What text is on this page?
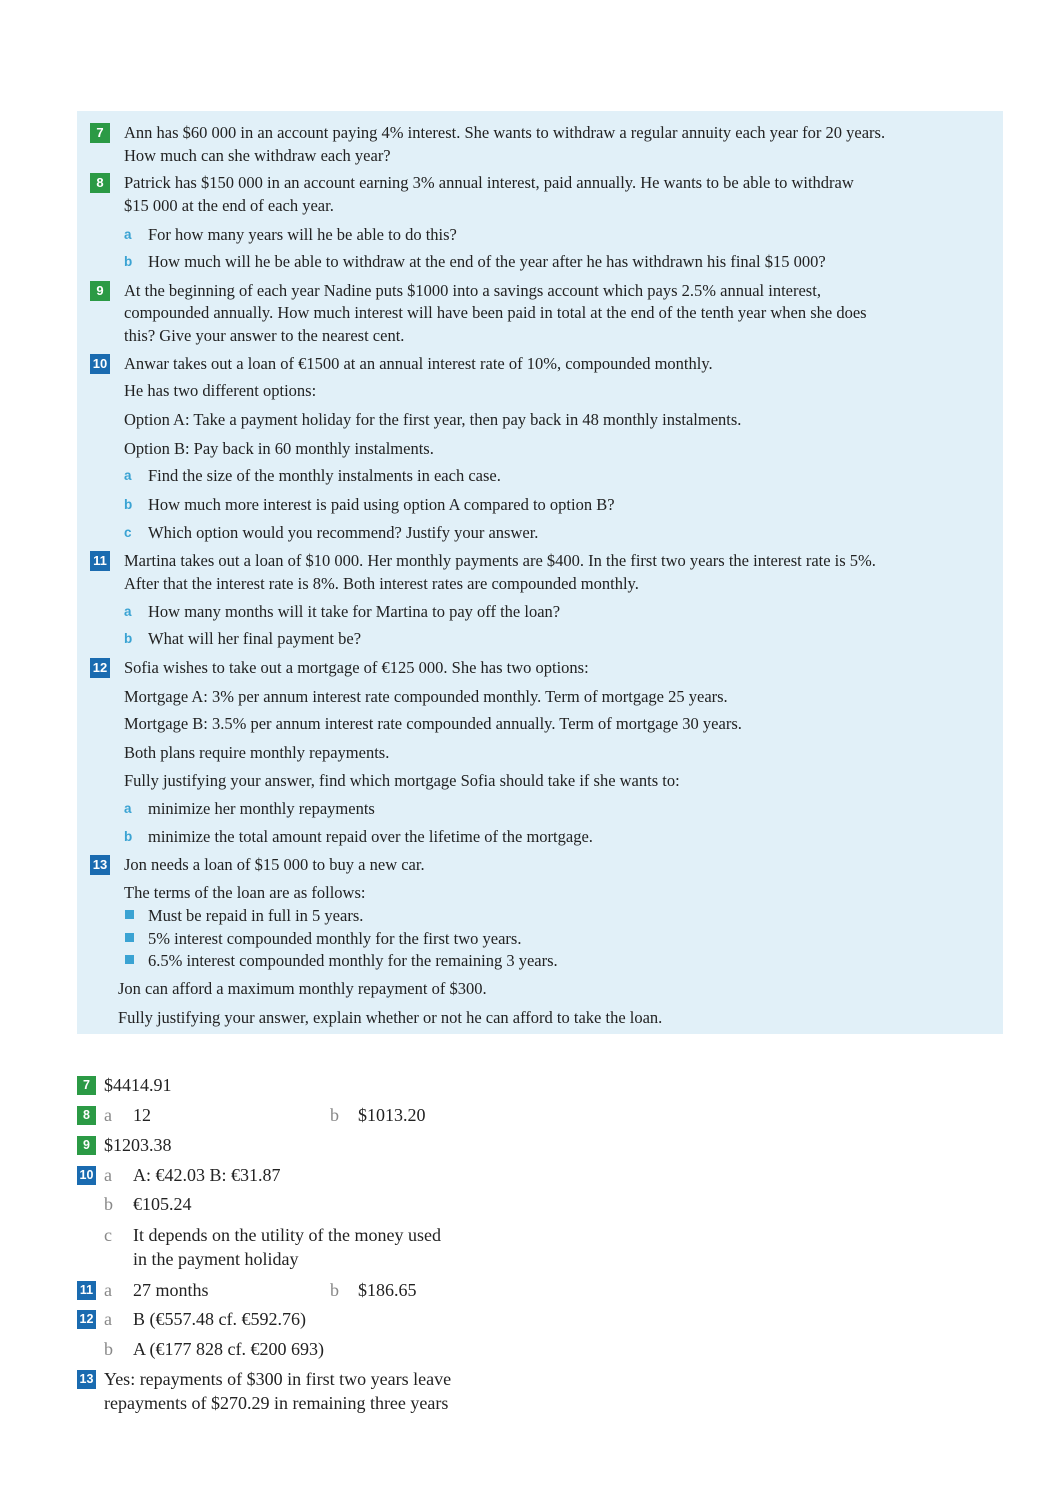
7	Ann has $60 000 in an account paying 4% interest. She wants to withdraw a regular annuity each year for 20 years.
How much can she withdraw each year?
8	Patrick has $150 000 in an account earning 3% annual interest, paid annually. He wants to be able to withdraw
$15 000 at the end of each year.
a For how many years will he be able to do this?
b How much will he be able to withdraw at the end of the year after he has withdrawn his final $15 000?
9	At the beginning of each year Nadine puts $1000 into a savings account which pays 2.5% annual interest,
compounded annually. How much interest will have been paid in total at the end of the tenth year when she does
this? Give your answer to the nearest cent.
10 Anwar takes out a loan of €1500 at an annual interest rate of 10%, compounded monthly.
He has two different options:
Option A: Take a payment holiday for the first year, then pay back in 48 monthly instalments.
Option B: Pay back in 60 monthly instalments.
a Find the size of the monthly instalments in each case.
b How much more interest is paid using option A compared to option B?
c Which option would you recommend? Justify your answer.
11 Martina takes out a loan of $10 000. Her monthly payments are $400. In the first two years the interest rate is 5%.
After that the interest rate is 8%. Both interest rates are compounded monthly.
a How many months will it take for Martina to pay off the loan?
b What will her final payment be?
12 Sofia wishes to take out a mortgage of €125 000. She has two options:
Mortgage A: 3% per annum interest rate compounded monthly. Term of mortgage 25 years.
Mortgage B: 3.5% per annum interest rate compounded annually. Term of mortgage 30 years.
Both plans require monthly repayments.
Fully justifying your answer, find which mortgage Sofia should take if she wants to:
a minimize her monthly repayments
b minimize the total amount repaid over the lifetime of the mortgage.
13 Jon needs a loan of $15 000 to buy a new car.
The terms of the loan are as follows:
Must be repaid in full in 5 years.
5% interest compounded monthly for the first two years.
6.5% interest compounded monthly for the remaining 3 years.
Jon can afford a maximum monthly repayment of $300.
Fully justifying your answer, explain whether or not he can afford to take the loan.
7 $4414.91
8 a 12	b $1013.20
9 $1203.38
10 a A: €42.03 B: €31.87
b €105.24
c It depends on the utility of the money used
in the payment holiday
11 a 27 months	b $186.65
12 a B (€557.48 cf. €592.76)
b A (€177 828 cf. €200 693)
13 Yes: repayments of $300 in first two years leave
repayments of $270.29 in remaining three years
